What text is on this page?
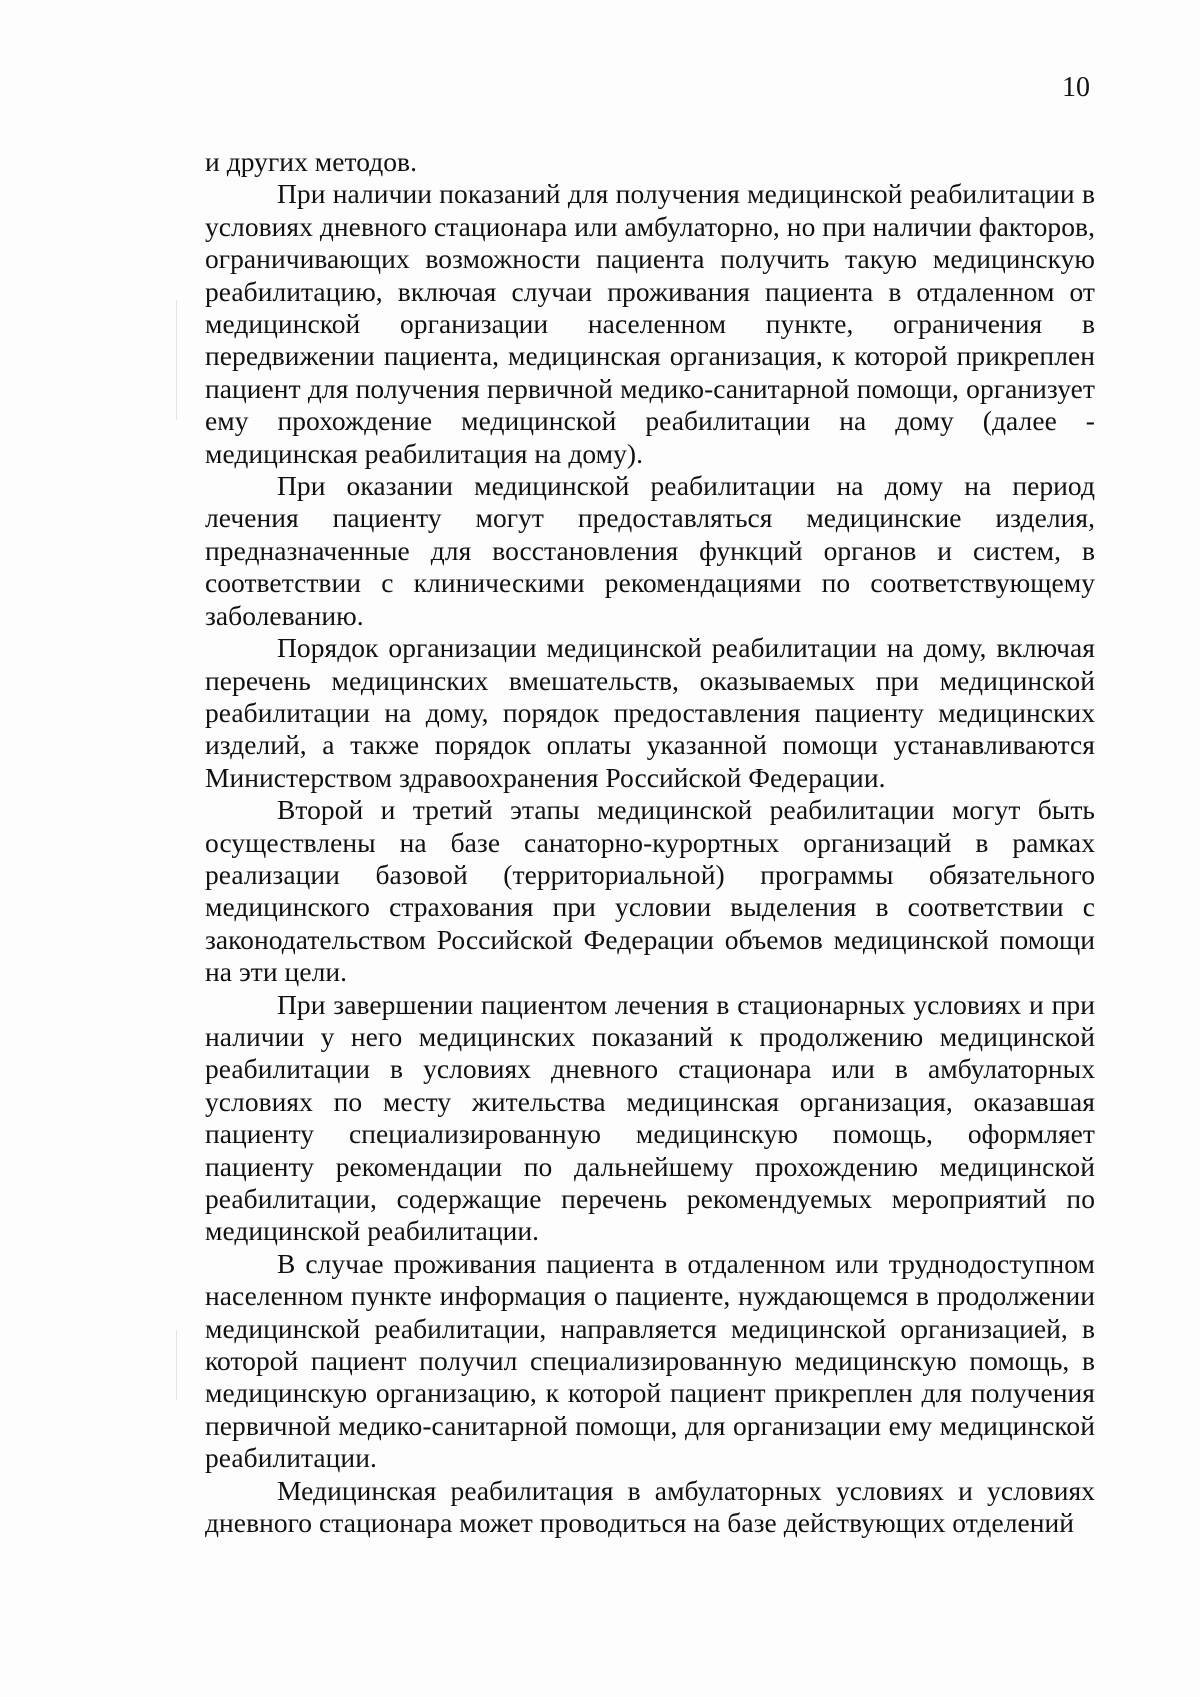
10

и других методов.

При наличии показаний для получения медицинской реабилитации в условиях дневного стационара или амбулаторно, но при наличии факторов, ограничивающих возможности пациента получить такую медицинскую реабилитацию, включая случаи проживания пациента в отдаленном от медицинской организации населенном пункте, ограничения в передвижении пациента, медицинская организация, к которой прикреплен пациент для получения первичной медико-санитарной помощи, организует ему прохождение медицинской реабилитации на дому (далее - медицинская реабилитация на дому).

При оказании медицинской реабилитации на дому на период лечения пациенту могут предоставляться медицинские изделия, предназначенные для восстановления функций органов и систем, в соответствии с клиническими рекомендациями по соответствующему заболеванию.

Порядок организации медицинской реабилитации на дому, включая перечень медицинских вмешательств, оказываемых при медицинской реабилитации на дому, порядок предоставления пациенту медицинских изделий, а также порядок оплаты указанной помощи устанавливаются Министерством здравоохранения Российской Федерации.

Второй и третий этапы медицинской реабилитации могут быть осуществлены на базе санаторно-курортных организаций в рамках реализации базовой (территориальной) программы обязательного медицинского страхования при условии выделения в соответствии с законодательством Российской Федерации объемов медицинской помощи на эти цели.

При завершении пациентом лечения в стационарных условиях и при наличии у него медицинских показаний к продолжению медицинской реабилитации в условиях дневного стационара или в амбулаторных условиях по месту жительства медицинская организация, оказавшая пациенту специализированную медицинскую помощь, оформляет пациенту рекомендации по дальнейшему прохождению медицинской реабилитации, содержащие перечень рекомендуемых мероприятий по медицинской реабилитации.

В случае проживания пациента в отдаленном или труднодоступном населенном пункте информация о пациенте, нуждающемся в продолжении медицинской реабилитации, направляется медицинской организацией, в которой пациент получил специализированную медицинскую помощь, в медицинскую организацию, к которой пациент прикреплен для получения первичной медико-санитарной помощи, для организации ему медицинской реабилитации.

Медицинская реабилитация в амбулаторных условиях и условиях дневного стационара может проводиться на базе действующих отделений
